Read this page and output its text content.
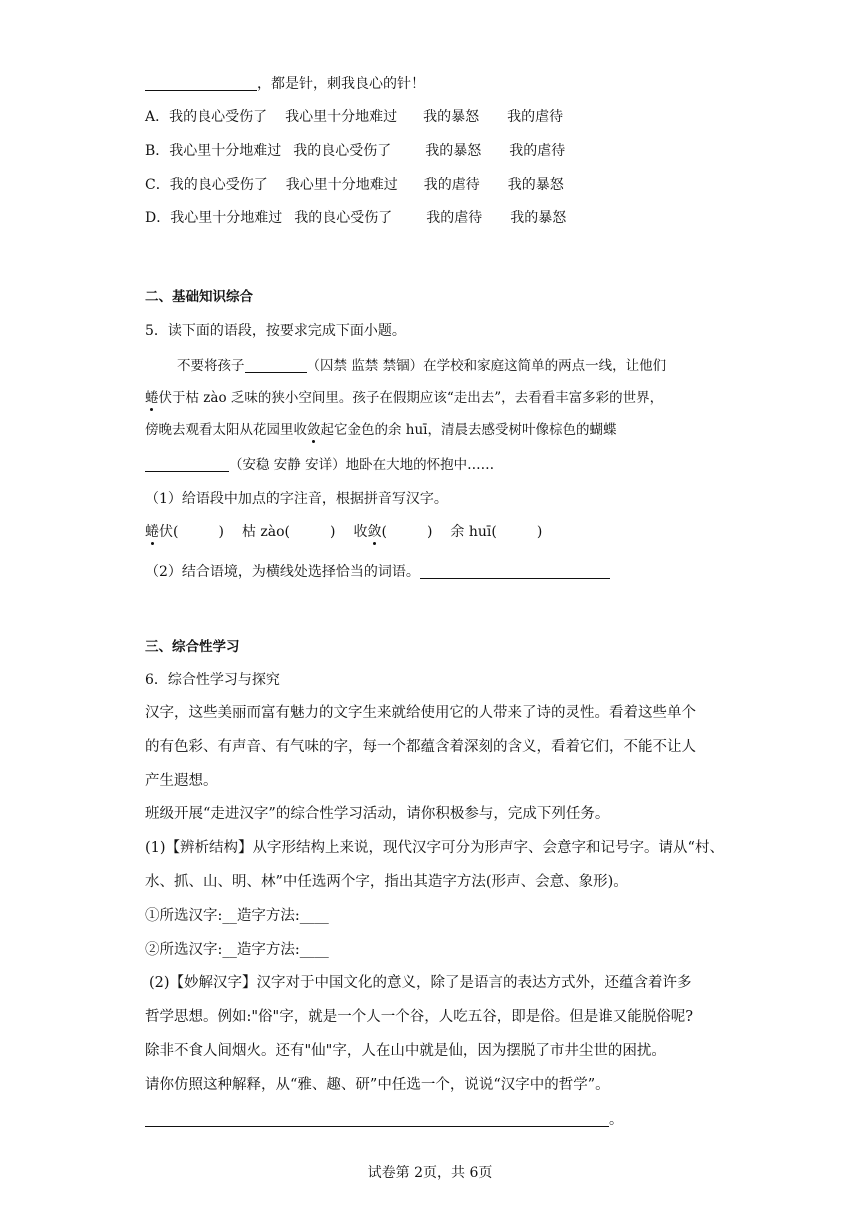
，都是针，刺我良心的针！
A．我的良心受伤了 我心里十分地难过 我的暴怒 我的虐待
B．我心里十分地难过 我的良心受伤了 我的暴怒 我的虐待
C．我的良心受伤了 我心里十分地难过 我的虐待 我的暴怒
D．我心里十分地难过 我的良心受伤了 我的虐待 我的暴怒
二、基础知识综合
5．读下面的语段，按要求完成下面小题。
不要将孩子	（囚禁 监禁 禁锢）在学校和家庭这简单的两点一线，让他们
蜷伏于枯 zào 乏味的狭小空间里。孩子在假期应该“走出去”，去看看丰富多彩的世界，
傍晚去观看太阳从花园里收敛起它金色的余 huī，清晨去感受树叶像棕色的蝴蝶
（安稳 安静 安详）地卧在大地的怀抱中……
（1）给语段中加点的字注音，根据拼音写汉字。
蜷伏(	) 枯 zào(	) 收敛(	) 余 huī(	)
（2）结合语境，为横线处选择恰当的词语。
三、综合性学习
6．综合性学习与探究
汉字，这些美丽而富有魅力的文字生来就给使用它的人带来了诗的灵性。看着这些单个
的有色彩、有声音、有气味的字，每一个都蕴含着深刻的含义，看着它们，不能不让人
产生遐想。
班级开展“走进汉字”的综合性学习活动，请你积极参与，完成下列任务。
(1)【辨析结构】从字形结构上来说，现代汉字可分为形声字、会意字和记号字。请从“村、
水、抓、山、明、林”中任选两个字，指出其造字方法(形声、会意、象形)。
①所选汉字:__造字方法:____
②所选汉字:__造字方法:____
(2)【妙解汉字】汉字对于中国文化的意义，除了是语言的表达方式外，还蕴含着许多
哲学思想。例如:"俗"字，就是一个人一个谷，人吃五谷，即是俗。但是谁又能脱俗呢?
除非不食人间烟火。还有"仙"字，人在山中就是仙，因为摆脱了市井尘世的困扰。
请你仿照这种解释，从“雅、趣、研”中任选一个，说说“汉字中的哲学”。
。
试卷第 2页，共 6页
